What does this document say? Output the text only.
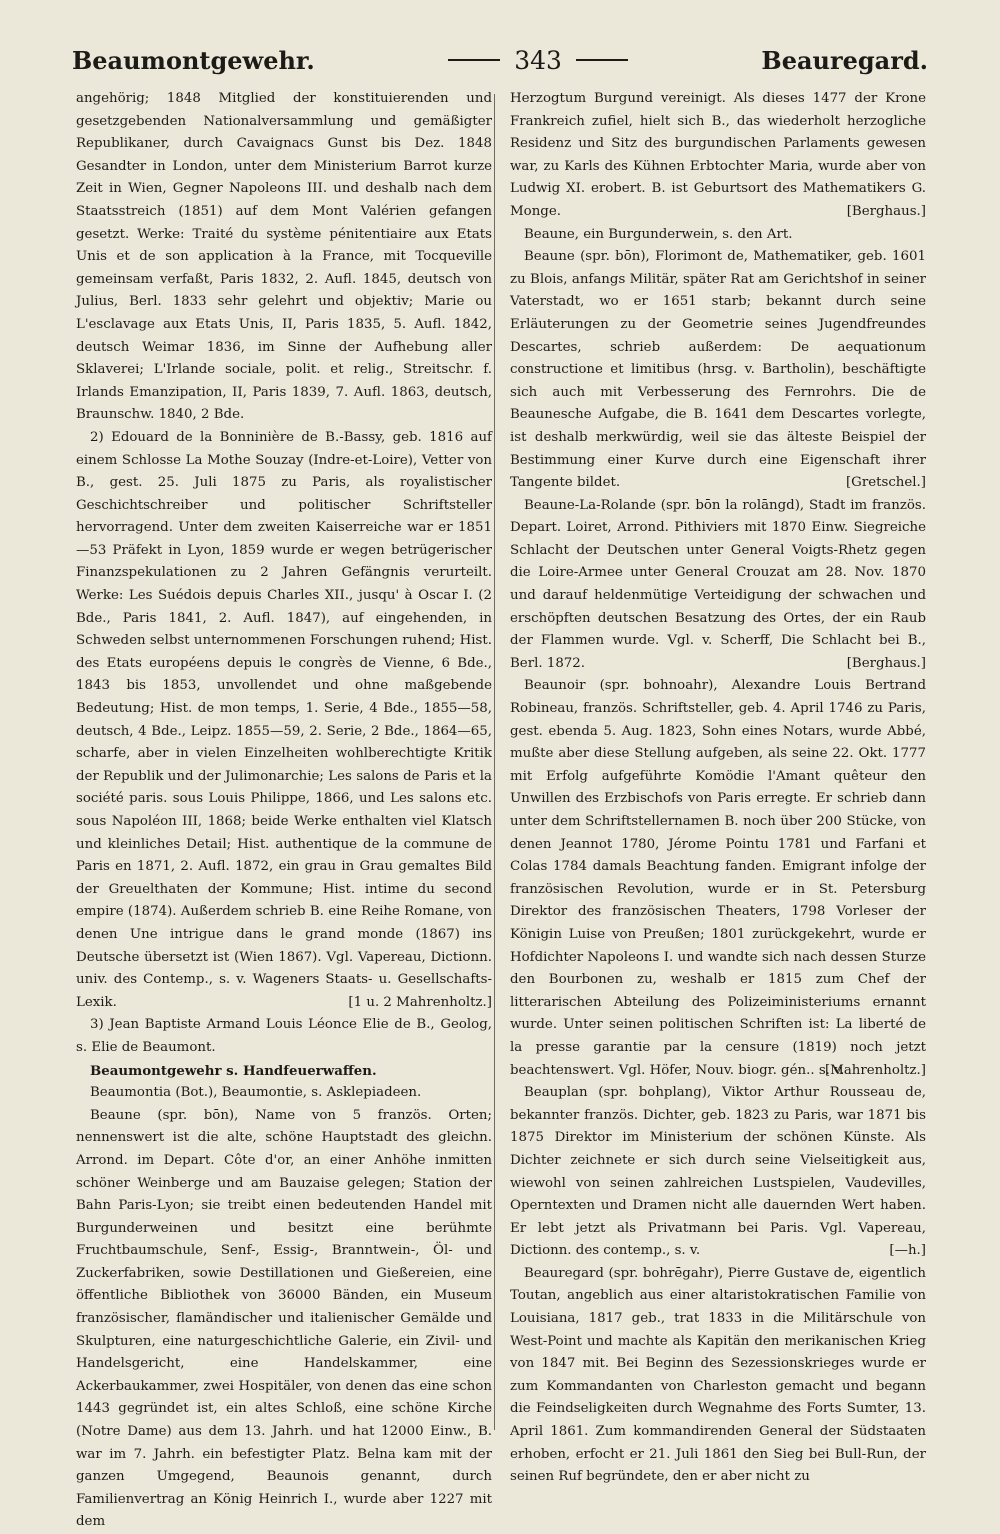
Beaumontgewehr.	343	Beauregard.

angehörig; 1848 Mitglied der konstituierenden und gesetzgebenden Nationalversammlung und gemäßigter Republikaner, durch Cavaignacs Gunst bis Dez. 1848 Gesandter in London, unter dem Ministerium Barrot kurze Zeit in Wien, Gegner Napoleons III. und deshalb nach dem Staatsstreich (1851) auf dem Mont Valérien gefangen gesetzt. Werke: Traité du système pénitentiaire aux Etats Unis et de son application à la France, mit Tocqueville gemeinsam verfaßt, Paris 1832, 2. Aufl. 1845, deutsch von Julius, Berl. 1833 sehr gelehrt und objektiv; Marie ou L'esclavage aux Etats Unis, II, Paris 1835, 5. Aufl. 1842, deutsch Weimar 1836, im Sinne der Aufhebung aller Sklaverei; L'Irlande sociale, polit. et relig., Streitschr. f. Irlands Emanzipation, II, Paris 1839, 7. Aufl. 1863, deutsch, Braunschw. 1840, 2 Bde.

2) Edouard de la Bonninière de B.-Bassy, geb. 1816 auf einem Schlosse La Mothe Souzay (Indre-et-Loire), Vetter von B., gest. 25. Juli 1875 zu Paris, als royalistischer Geschichtschreiber und politischer Schriftsteller hervorragend. Unter dem zweiten Kaiserreiche war er 1851—53 Präfekt in Lyon, 1859 wurde er wegen betrügerischer Finanzspekulationen zu 2 Jahren Gefängnis verurteilt. Werke: Les Suédois depuis Charles XII., jusqu' à Oscar I. (2 Bde., Paris 1841, 2. Aufl. 1847), auf eingehenden, in Schweden selbst unternommenen Forschungen ruhend; Hist. des Etats européens depuis le congrès de Vienne, 6 Bde., 1843 bis 1853, unvollendet und ohne maßgebende Bedeutung; Hist. de mon temps, 1. Serie, 4 Bde., 1855—58, deutsch, 4 Bde., Leipz. 1855—59, 2. Serie, 2 Bde., 1864—65, scharfe, aber in vielen Einzelheiten wohlberechtigte Kritik der Republik und der Julimonarchie; Les salons de Paris et la société paris. sous Louis Philippe, 1866, und Les salons etc. sous Napoléon III, 1868; beide Werke enthalten viel Klatsch und kleinliches Detail; Hist. authentique de la commune de Paris en 1871, 2. Aufl. 1872, ein grau in Grau gemaltes Bild der Greuelthaten der Kommune; Hist. intime du second empire (1874). Außerdem schrieb B. eine Reihe Romane, von denen Une intrigue dans le grand monde (1867) ins Deutsche übersetzt ist (Wien 1867). Vgl. Vapereau, Dictionn. univ. des Contemp., s. v. Wageners Staats- u. Gesellschafts-Lexik.	[1 u. 2 Mahrenholtz.]

3) Jean Baptiste Armand Louis Léonce Elie de B., Geolog, s. Elie de Beaumont.

Beaumontgewehr s. Handfeuerwaffen.

Beaumontia (Bot.), Beaumontie, s. Asklepiadeen.

Beaune (spr. bōn), Name von 5 französ. Orten; nennenswert ist die alte, schöne Hauptstadt des gleichn. Arrond. im Depart. Côte d'or, an einer Anhöhe inmitten schöner Weinberge und am Bauzaise gelegen; Station der Bahn Paris-Lyon; sie treibt einen bedeutenden Handel mit Burgunderweinen und besitzt eine berühmte Fruchtbaumschule, Senf-, Essig-, Branntwein-, Öl- und Zuckerfabriken, sowie Destillationen und Gießereien, eine öffentliche Bibliothek von 36000 Bänden, ein Museum französischer, flamändischer und italienischer Gemälde und Skulpturen, eine naturgeschichtliche Galerie, ein Zivil- und Handelsgericht, eine Handelskammer, eine Ackerbaukammer, zwei Hospitäler, von denen das eine schon 1443 gegründet ist, ein altes Schloß, eine schöne Kirche (Notre Dame) aus dem 13. Jahrh. und hat 12000 Einw., B. war im 7. Jahrh. ein befestigter Platz. Belna kam mit der ganzen Umgegend, Beaunois genannt, durch Familienvertrag an König Heinrich I., wurde aber 1227 mit dem

Herzogtum Burgund vereinigt. Als dieses 1477 der Krone Frankreich zufiel, hielt sich B., das wiederholt herzogliche Residenz und Sitz des burgundischen Parlaments gewesen war, zu Karls des Kühnen Erbtochter Maria, wurde aber von Ludwig XI. erobert. B. ist Geburtsort des Mathematikers G. Monge.	[Berghaus.]

Beaune, ein Burgunderwein, s. den Art.

Beaune (spr. bōn), Florimont de, Mathematiker, geb. 1601 zu Blois, anfangs Militär, später Rat am Gerichtshof in seiner Vaterstadt, wo er 1651 starb; bekannt durch seine Erläuterungen zu der Geometrie seines Jugendfreundes Descartes, schrieb außerdem: De aequationum constructione et limitibus (hrsg. v. Bartholin), beschäftigte sich auch mit Verbesserung des Fernrohrs. Die de Beaunesche Aufgabe, die B. 1641 dem Descartes vorlegte, ist deshalb merkwürdig, weil sie das älteste Beispiel der Bestimmung einer Kurve durch eine Eigenschaft ihrer Tangente bildet.	[Gretschel.]

Beaune-La-Rolande (spr. bōn la rolāngd), Stadt im französ. Depart. Loiret, Arrond. Pithiviers mit 1870 Einw. Siegreiche Schlacht der Deutschen unter General Voigts-Rhetz gegen die Loire-Armee unter General Crouzat am 28. Nov. 1870 und darauf heldenmütige Verteidigung der schwachen und erschöpften deutschen Besatzung des Ortes, der ein Raub der Flammen wurde. Vgl. v. Scherff, Die Schlacht bei B., Berl. 1872.	[Berghaus.]

Beaunoir (spr. bohnoahr), Alexandre Louis Bertrand Robineau, französ. Schriftsteller, geb. 4. April 1746 zu Paris, gest. ebenda 5. Aug. 1823, Sohn eines Notars, wurde Abbé, mußte aber diese Stellung aufgeben, als seine 22. Okt. 1777 mit Erfolg aufgeführte Komödie l'Amant quêteur den Unwillen des Erzbischofs von Paris erregte. Er schrieb dann unter dem Schriftstellernamen B. noch über 200 Stücke, von denen Jeannot 1780, Jérome Pointu 1781 und Farfani et Colas 1784 damals Beachtung fanden. Emigrant infolge der französischen Revolution, wurde er in St. Petersburg Direktor des französischen Theaters, 1798 Vorleser der Königin Luise von Preußen; 1801 zurückgekehrt, wurde er Hofdichter Napoleons I. und wandte sich nach dessen Sturze den Bourbonen zu, weshalb er 1815 zum Chef der litterarischen Abteilung des Polizeiministeriums ernannt wurde. Unter seinen politischen Schriften ist: La liberté de la presse garantie par la censure (1819) noch jetzt beachtenswert. Vgl. Höfer, Nouv. biogr. gén.. s. v.

[Mahrenholtz.]

Beauplan (spr. bohplang), Viktor Arthur Rousseau de, bekannter französ. Dichter, geb. 1823 zu Paris, war 1871 bis 1875 Direktor im Ministerium der schönen Künste. Als Dichter zeichnete er sich durch seine Vielseitigkeit aus, wiewohl von seinen zahlreichen Lustspielen, Vaudevilles, Operntexten und Dramen nicht alle dauernden Wert haben. Er lebt jetzt als Privatmann bei Paris. Vgl. Vapereau, Dictionn. des contemp., s. v.	[—h.]

Beauregard (spr. bohrēgahr), Pierre Gustave de, eigentlich Toutan, angeblich aus einer altaristokratischen Familie von Louisiana, 1817 geb., trat 1833 in die Militärschule von West-Point und machte als Kapitän den merikanischen Krieg von 1847 mit. Bei Beginn des Sezessionskrieges wurde er zum Kommandanten von Charleston gemacht und begann die Feindseligkeiten durch Wegnahme des Forts Sumter, 13. April 1861. Zum kommandirenden General der Südstaaten erhoben, erfocht er 21. Juli 1861 den Sieg bei Bull-Run, der seinen Ruf begründete, den er aber nicht zu
